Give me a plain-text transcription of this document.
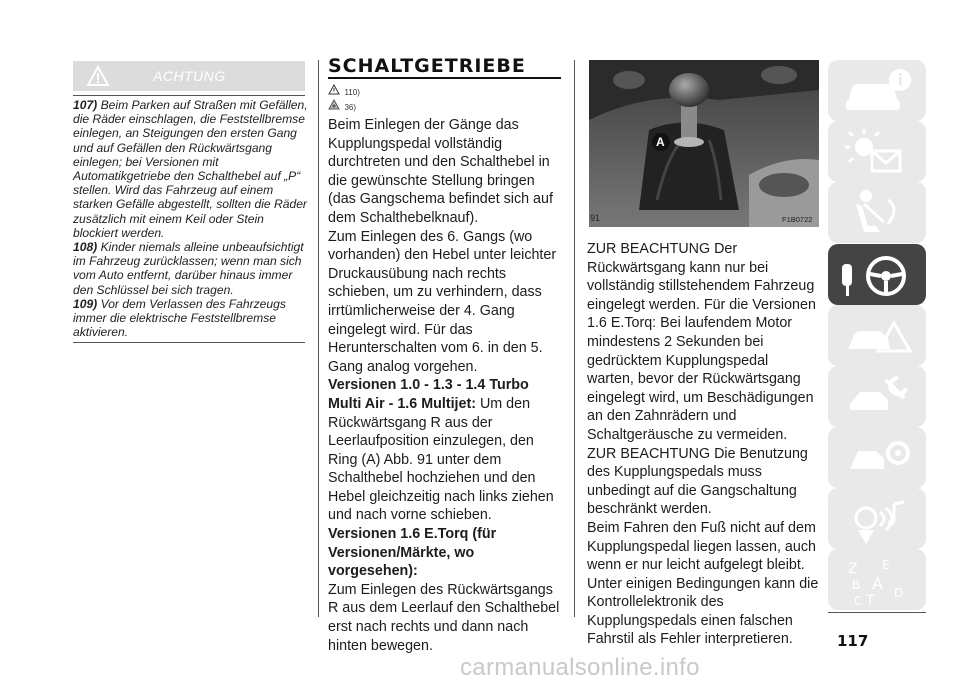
ACHTUNG

107) Beim Parken auf Straßen mit Gefällen, die Räder einschlagen, die Feststellbremse einlegen, an Steigungen den ersten Gang und auf Gefällen den Rückwärtsgang einlegen; bei Versionen mit Automatikgetriebe den Schalthebel auf „P“ stellen. Wird das Fahrzeug auf einem starken Gefälle abgestellt, sollten die Räder zusätzlich mit einem Keil oder Stein blockiert werden.

108) Kinder niemals alleine unbeaufsichtigt im Fahrzeug zurücklassen; wenn man sich vom Auto entfernt, darüber hinaus immer den Schlüssel bei sich tragen.

109) Vor dem Verlassen des Fahrzeugs immer die elektrische Feststellbremse aktivieren.

SCHALTGETRIEBE
110)
36)

Beim Einlegen der Gänge das Kupplungspedal vollständig durchtreten und den Schalthebel in die gewünschte Stellung bringen (das Gangschema befindet sich auf dem Schalthebelknauf).

Zum Einlegen des 6. Gangs (wo vorhanden) den Hebel unter leichter Druckausübung nach rechts schieben, um zu verhindern, dass irrtümlicherweise der 4. Gang eingelegt wird. Für das Herunterschalten vom 6. in den 5. Gang analog vorgehen.

Versionen 1.0 - 1.3 - 1.4 Turbo Multi Air - 1.6 Multijet: Um den Rückwärtsgang R aus der Leerlaufposition einzulegen, den Ring (A) Abb. 91 unter dem Schalthebel hochziehen und den Hebel gleichzeitig nach links ziehen und nach vorne schieben.

Versionen 1.6 E.Torq (für Versionen/Märkte, wo vorgesehen):
Zum Einlegen des Rückwärtsgangs R aus dem Leerlauf den Schalthebel erst nach rechts und dann nach hinten bewegen.

A
91	F1B0722

ZUR BEACHTUNG Der Rückwärtsgang kann nur bei vollständig stillstehendem Fahrzeug eingelegt werden. Für die Versionen 1.6 E.Torq: Bei laufendem Motor mindestens 2 Sekunden bei gedrücktem Kupplungspedal warten, bevor der Rückwärtsgang eingelegt wird, um Beschädigungen an den Zahnrädern und Schaltgeräusche zu vermeiden.

ZUR BEACHTUNG Die Benutzung des Kupplungspedals muss unbedingt auf die Gangschaltung beschränkt werden.

Beim Fahren den Fuß nicht auf dem Kupplungspedal liegen lassen, auch wenn er nur leicht aufgelegt bleibt. Unter einigen Bedingungen kann die Kontrollelektronik des Kupplungspedals einen falschen Fahrstil als Fehler interpretieren.

Z E
B A
C T D
117
carmanualsonline.info
